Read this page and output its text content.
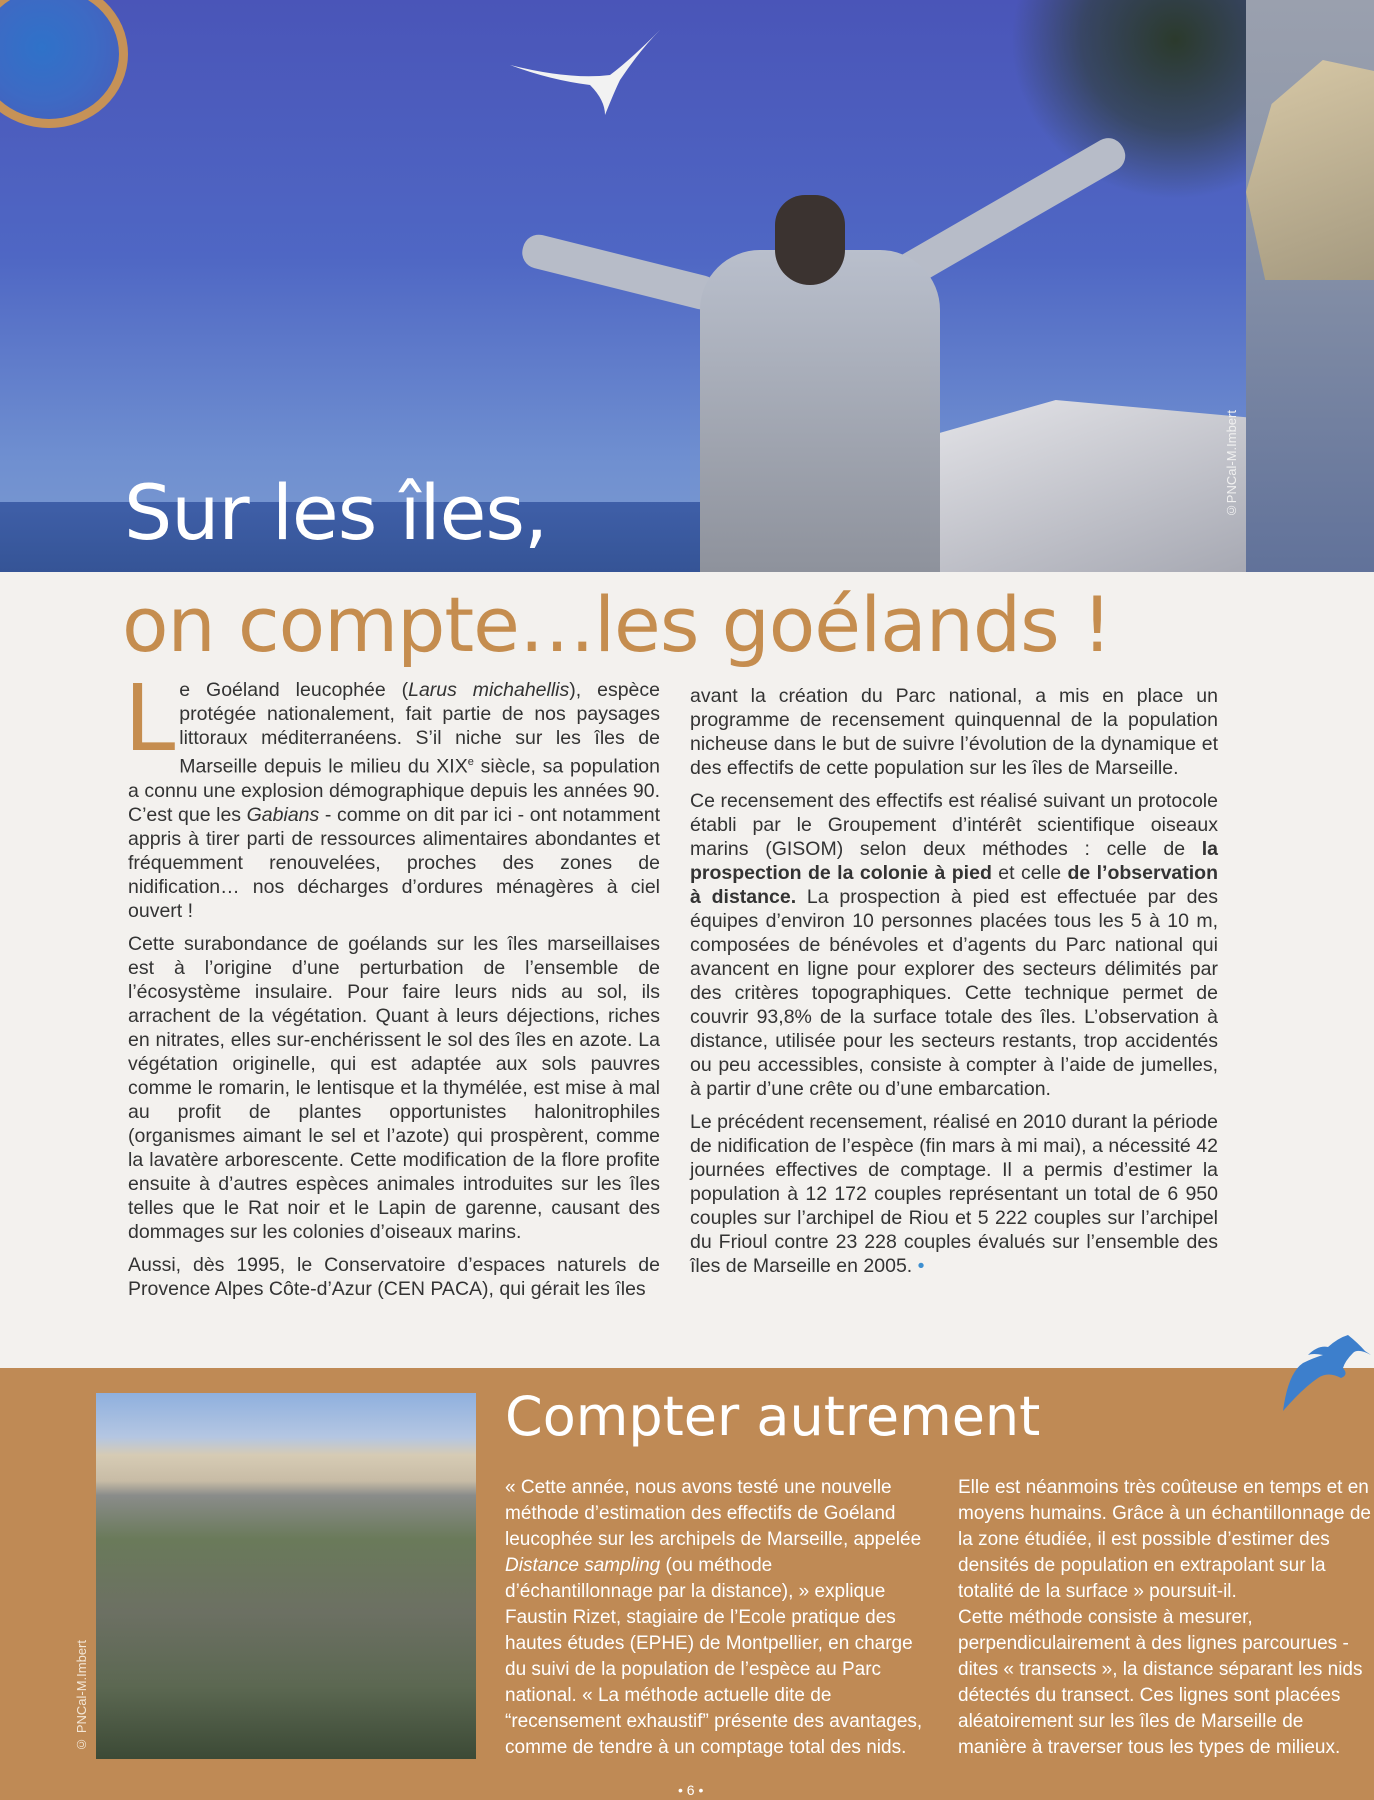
©PNCal-M.Imbert
Sur les îles,
on compte…les goélands !

Le Goéland leucophée (Larus michahellis), espèce protégée nationalement, fait partie de nos paysages littoraux méditerranéens. S’il niche sur les îles de Marseille depuis le milieu du XIXe siècle, sa population a connu une explosion démographique depuis les années 90. C’est que les Gabians - comme on dit par ici - ont notamment appris à tirer parti de ressources alimentaires abondantes et fréquemment renouvelées, proches des zones de nidification… nos décharges d’ordures ménagères à ciel ouvert !

Cette surabondance de goélands sur les îles marseillaises est à l’origine d’une perturbation de l’ensemble de l’écosystème insulaire. Pour faire leurs nids au sol, ils arrachent de la végétation. Quant à leurs déjections, riches en nitrates, elles sur-enchérissent le sol des îles en azote. La végétation originelle, qui est adaptée aux sols pauvres comme le romarin, le lentisque et la thymélée, est mise à mal au profit de plantes opportunistes halonitrophiles (organismes aimant le sel et l’azote) qui prospèrent, comme la lavatère arborescente. Cette modification de la flore profite ensuite à d’autres espèces animales introduites sur les îles telles que le Rat noir et le Lapin de garenne, causant des dommages sur les colonies d’oiseaux marins.

Aussi, dès 1995, le Conservatoire d’espaces naturels de Provence Alpes Côte-d’Azur (CEN PACA), qui gérait les îles

avant la création du Parc national, a mis en place un programme de recensement quinquennal de la population nicheuse dans le but de suivre l’évolution de la dynamique et des effectifs de cette population sur les îles de Marseille.

Ce recensement des effectifs est réalisé suivant un protocole établi par le Groupement d’intérêt scientifique oiseaux marins (GISOM) selon deux méthodes : celle de la prospection de la colonie à pied et celle de l’observation à distance. La prospection à pied est effectuée par des équipes d’environ 10 personnes placées tous les 5 à 10 m, composées de bénévoles et d’agents du Parc national qui avancent en ligne pour explorer des secteurs délimités par des critères topographiques. Cette technique permet de couvrir 93,8% de la surface totale des îles. L’observation à distance, utilisée pour les secteurs restants, trop accidentés ou peu accessibles, consiste à compter à l’aide de jumelles, à partir d’une crête ou d’une embarcation.

Le précédent recensement, réalisé en 2010 durant la période de nidification de l’espèce (fin mars à mi mai), a nécessité 42 journées effectives de comptage. Il a permis d’estimer la population à 12 172 couples représentant un total de 6 950 couples sur l’archipel de Riou et 5 222 couples sur l’archipel du Frioul contre 23 228 couples évalués sur l’ensemble des îles de Marseille en 2005. •

© PNCal-M.Imbert
Compter autrement
« Cette année, nous avons testé une nouvelle méthode d’estimation des effectifs de Goéland leucophée sur les archipels de Marseille, appelée Distance sampling (ou méthode d’échantillonnage par la distance), » explique Faustin Rizet, stagiaire de l’Ecole pratique des hautes études (EPHE) de Montpellier, en charge du suivi de la population de l’espèce au Parc national. « La méthode actuelle dite de “recensement exhaustif” présente des avantages, comme de tendre à un comptage total des nids.
Elle est néanmoins très coûteuse en temps et en moyens humains. Grâce à un échantillonnage de la zone étudiée, il est possible d’estimer des densités de population en extrapolant sur la totalité de la surface » poursuit-il.
Cette méthode consiste à mesurer, perpendiculairement à des lignes parcourues - dites « transects », la distance séparant les nids détectés du transect. Ces lignes sont placées aléatoirement sur les îles de Marseille de manière à traverser tous les types de milieux.
• 6 •
